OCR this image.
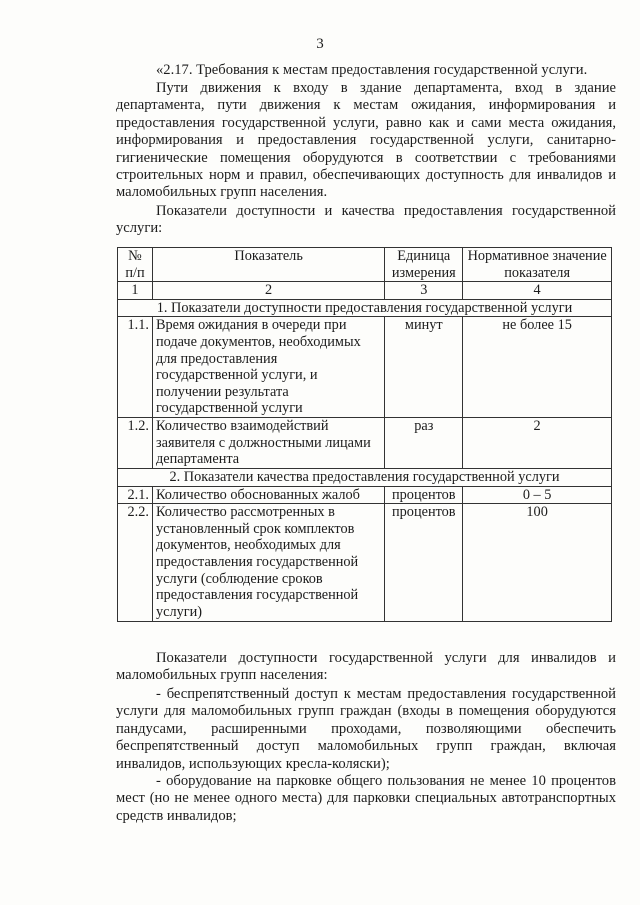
3

«2.17. Требования к местам предоставления государственной услуги.

Пути движения к входу в здание департамента, вход в здание департамента, пути движения к местам ожидания, информирования и предоставления государственной услуги, равно как и сами места ожидания, информирования и предоставления государственной услуги, санитарно-гигиенические помещения оборудуются в соответствии с требованиями строительных норм и правил, обеспечивающих доступность для инвалидов и маломобильных групп населения.

Показатели доступности и качества предоставления государственной услуги:

№ п/п	Показатель	Единица измерения	Нормативное значение показателя
1	2	3	4
1. Показатели доступности предоставления государственной услуги			
1.1.	Время ожидания в очереди при подаче документов, необходимых для предоставления государственной услуги, и получении результата государственной услуги	минут	не более 15
1.2.	Количество взаимодействий заявителя с должностными лицами департамента	раз	2
2. Показатели качества предоставления государственной услуги			
2.1.	Количество обоснованных жалоб	процентов	0 – 5
2.2.	Количество рассмотренных в установленный срок комплектов документов, необходимых для предоставления государственной услуги (соблюдение сроков предоставления государственной услуги)	процентов	100

Показатели доступности государственной услуги для инвалидов и маломобильных групп населения:

- беспрепятственный доступ к местам предоставления государственной услуги для маломобильных групп граждан (входы в помещения оборудуются пандусами, расширенными проходами, позволяющими обеспечить беспрепятственный доступ маломобильных групп граждан, включая инвалидов, использующих кресла-коляски);

- оборудование на парковке общего пользования не менее 10 процентов мест (но не менее одного места) для парковки специальных автотранспортных средств инвалидов;
